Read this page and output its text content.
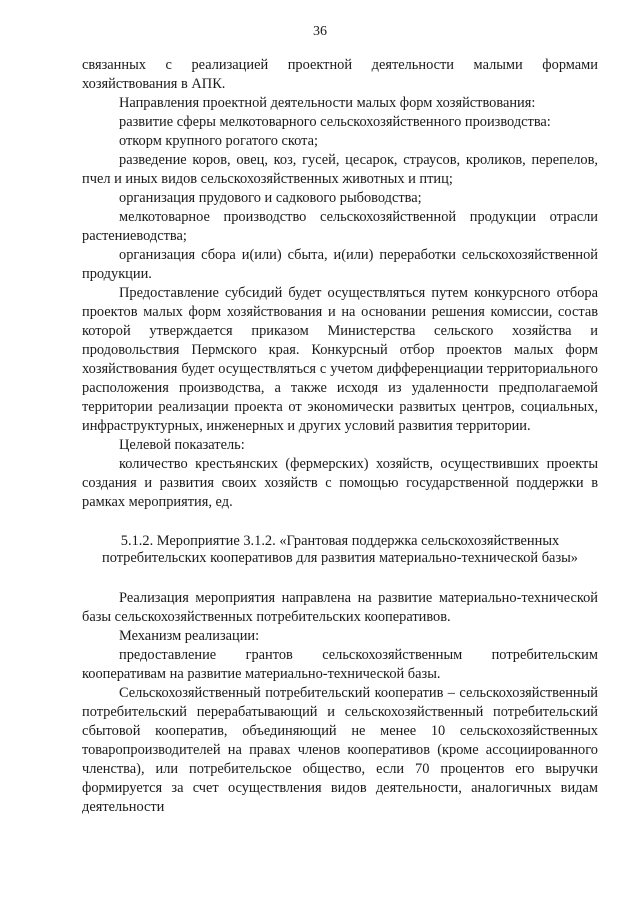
36

связанных с реализацией проектной деятельности малыми формами хозяйствования в АПК.

Направления проектной деятельности малых форм хозяйствования:

развитие сферы мелкотоварного сельскохозяйственного производства:

откорм крупного рогатого скота;

разведение коров, овец, коз, гусей, цесарок, страусов, кроликов, перепелов, пчел и иных видов сельскохозяйственных животных и птиц;

организация прудового и садкового рыбоводства;

мелкотоварное производство сельскохозяйственной продукции отрасли растениеводства;

организация сбора и(или) сбыта, и(или) переработки сельскохозяйственной продукции.

Предоставление субсидий будет осуществляться путем конкурсного отбора проектов малых форм хозяйствования и на основании решения комиссии, состав которой утверждается приказом Министерства сельского хозяйства и продовольствия Пермского края. Конкурсный отбор проектов малых форм хозяйствования будет осуществляться с учетом дифференциации территориального расположения производства, а также исходя из удаленности предполагаемой территории реализации проекта от экономически развитых центров, социальных, инфраструктурных, инженерных и других условий развития территории.

Целевой показатель:

количество крестьянских (фермерских) хозяйств, осуществивших проекты создания и развития своих хозяйств с помощью государственной поддержки в рамках мероприятия, ед.

5.1.2. Мероприятие 3.1.2. «Грантовая поддержка сельскохозяйственных
потребительских кооперативов для развития материально-технической базы»

Реализация мероприятия направлена на развитие материально-технической базы сельскохозяйственных потребительских кооперативов.

Механизм реализации:

предоставление грантов сельскохозяйственным потребительским кооперативам на развитие материально-технической базы.

Сельскохозяйственный потребительский кооператив – сельскохозяйственный потребительский перерабатывающий и сельскохозяйственный потребительский сбытовой кооператив, объединяющий не менее 10 сельскохозяйственных товаропроизводителей на правах членов кооперативов (кроме ассоциированного членства), или потребительское общество, если 70 процентов его выручки формируется за счет осуществления видов деятельности, аналогичных видам деятельности
